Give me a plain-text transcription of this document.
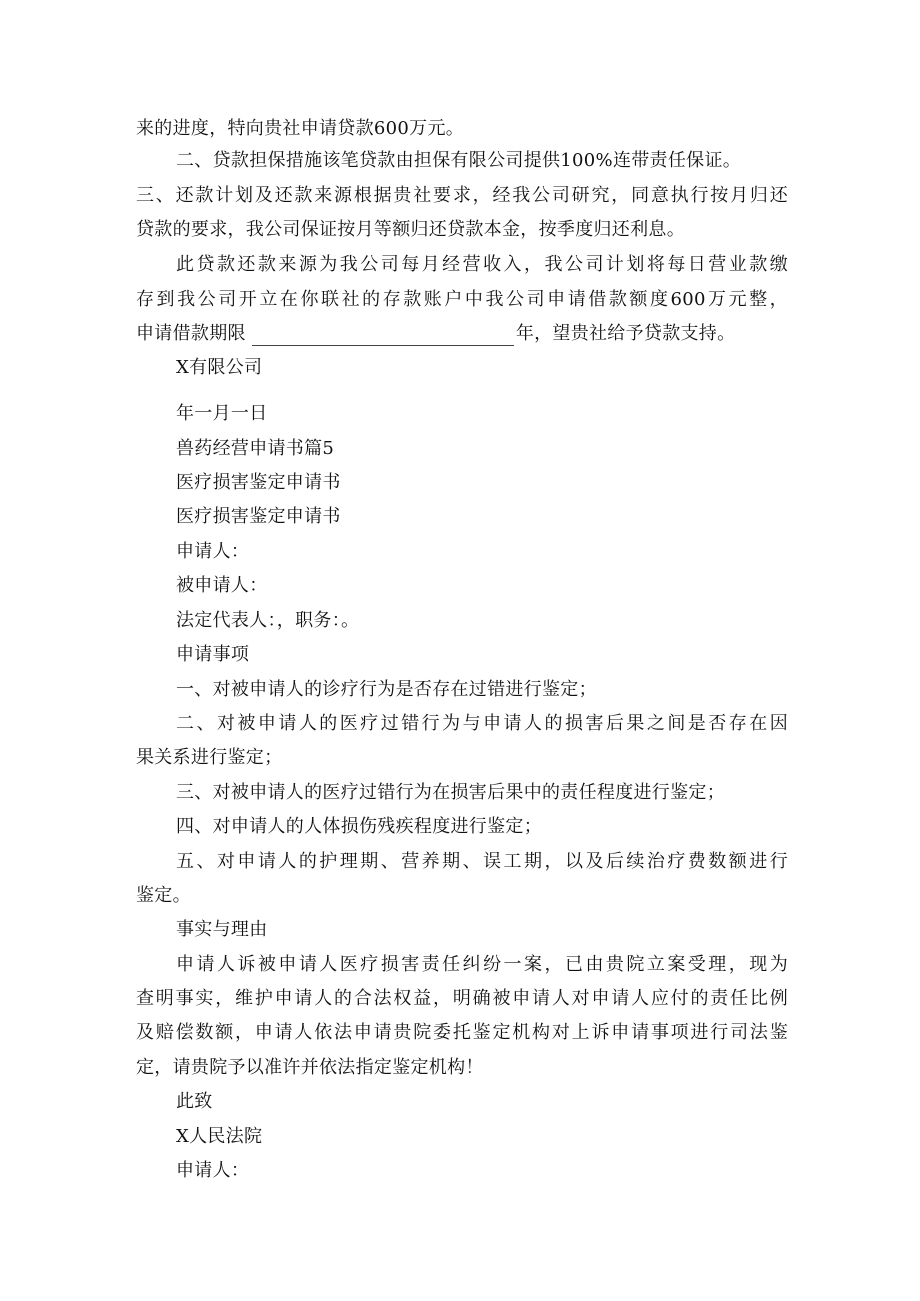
来的进度，特向贵社申请贷款600万元。
二、贷款担保措施该笔贷款由担保有限公司提供100%连带责任保证。
三、还款计划及还款来源根据贵社要求，经我公司研究，同意执行按月归还
贷款的要求，我公司保证按月等额归还贷款本金，按季度归还利息。
此贷款还款来源为我公司每月经营收入，我公司计划将每日营业款缴
存到我公司开立在你联社的存款账户中我公司申请借款额度600万元整，
申请借款期限	年，望贵社给予贷款支持。
X有限公司
年一月一日
兽药经营申请书篇5
医疗损害鉴定申请书
医疗损害鉴定申请书
申请人：
被申请人：
法定代表人：，职务：。
申请事项
一、对被申请人的诊疗行为是否存在过错进行鉴定；
二、对被申请人的医疗过错行为与申请人的损害后果之间是否存在因
果关系进行鉴定；
三、对被申请人的医疗过错行为在损害后果中的责任程度进行鉴定；
四、对申请人的人体损伤残疾程度进行鉴定；
五、对申请人的护理期、营养期、误工期，以及后续治疗费数额进行
鉴定。
事实与理由
申请人诉被申请人医疗损害责任纠纷一案，已由贵院立案受理，现为
查明事实，维护申请人的合法权益，明确被申请人对申请人应付的责任比例
及赔偿数额，申请人依法申请贵院委托鉴定机构对上诉申请事项进行司法鉴
定，请贵院予以准许并依法指定鉴定机构！
此致
X人民法院
申请人：
